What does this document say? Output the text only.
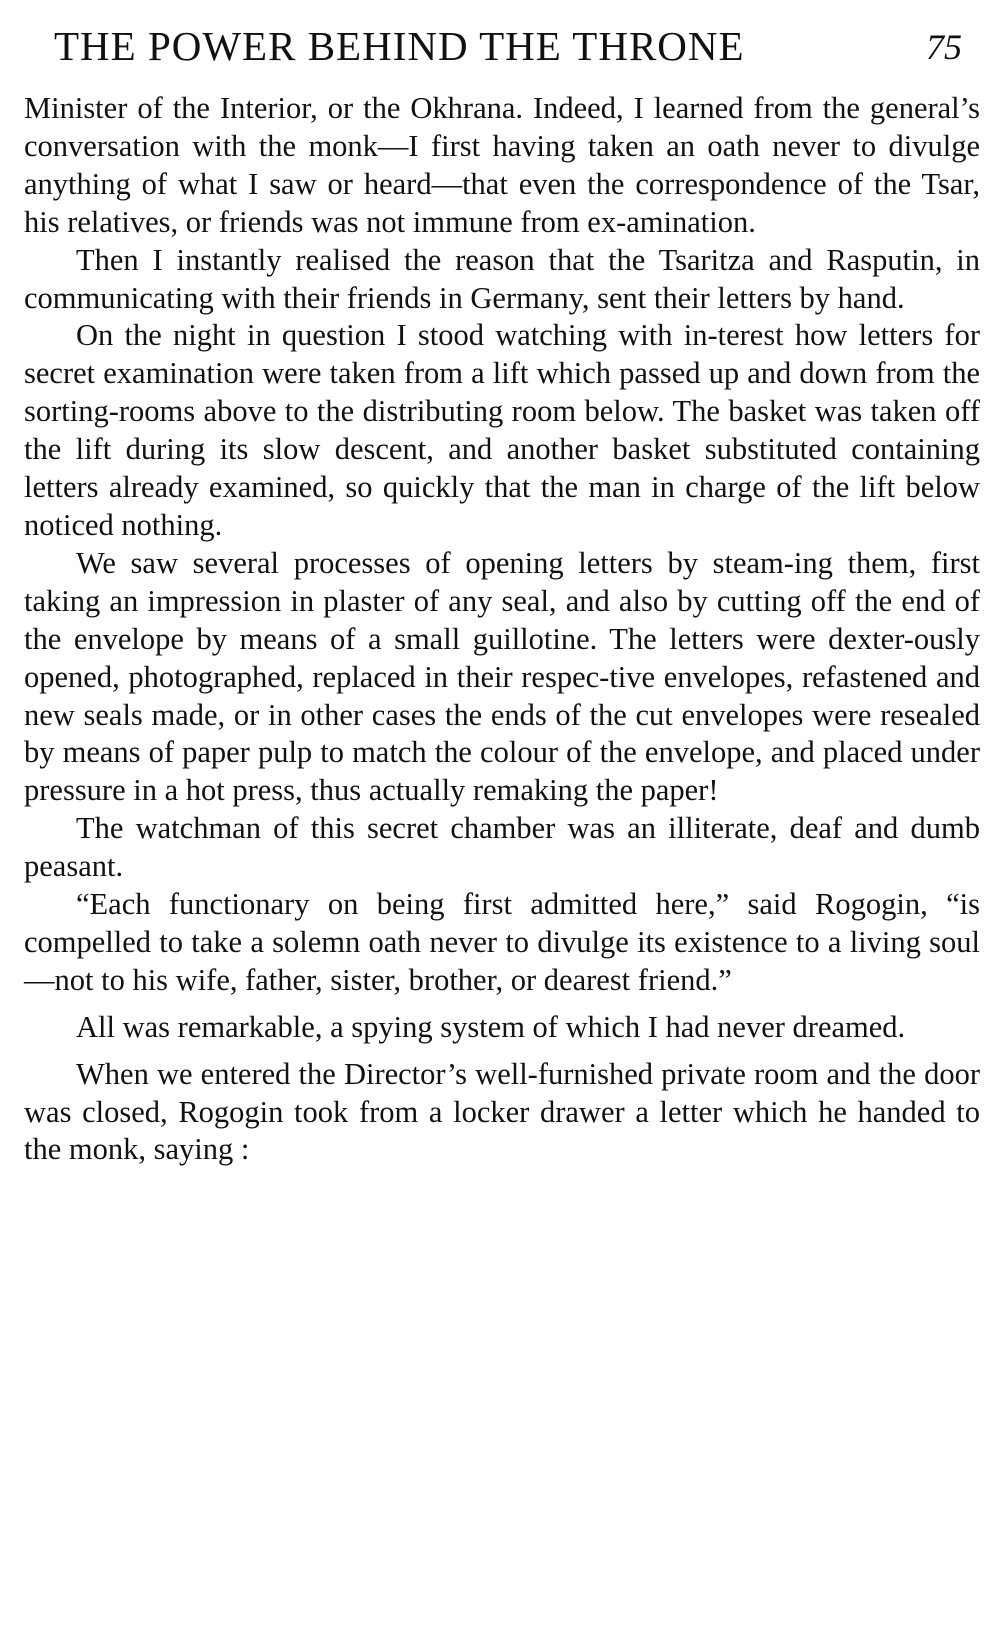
THE POWER BEHIND THE THRONE	75

Minister of the Interior, or the Okhrana. Indeed, I learned from the general’s conversation with the monk—I first having taken an oath never to divulge anything of what I saw or heard—that even the correspondence of the Tsar, his relatives, or friends was not immune from ex-amination.

Then I instantly realised the reason that the Tsaritza and Rasputin, in communicating with their friends in Germany, sent their letters by hand.

On the night in question I stood watching with in-terest how letters for secret examination were taken from a lift which passed up and down from the sorting-rooms above to the distributing room below. The basket was taken off the lift during its slow descent, and another basket substituted containing letters already examined, so quickly that the man in charge of the lift below noticed nothing.

We saw several processes of opening letters by steam-ing them, first taking an impression in plaster of any seal, and also by cutting off the end of the envelope by means of a small guillotine. The letters were dexter-ously opened, photographed, replaced in their respec-tive envelopes, refastened and new seals made, or in other cases the ends of the cut envelopes were resealed by means of paper pulp to match the colour of the envelope, and placed under pressure in a hot press, thus actually remaking the paper!

The watchman of this secret chamber was an illiterate, deaf and dumb peasant.

“Each functionary on being first admitted here,” said Rogogin, “is compelled to take a solemn oath never to divulge its existence to a living soul—not to his wife, father, sister, brother, or dearest friend.”

All was remarkable, a spying system of which I had never dreamed.

When we entered the Director’s well-furnished private room and the door was closed, Rogogin took from a locker drawer a letter which he handed to the monk, saying :
